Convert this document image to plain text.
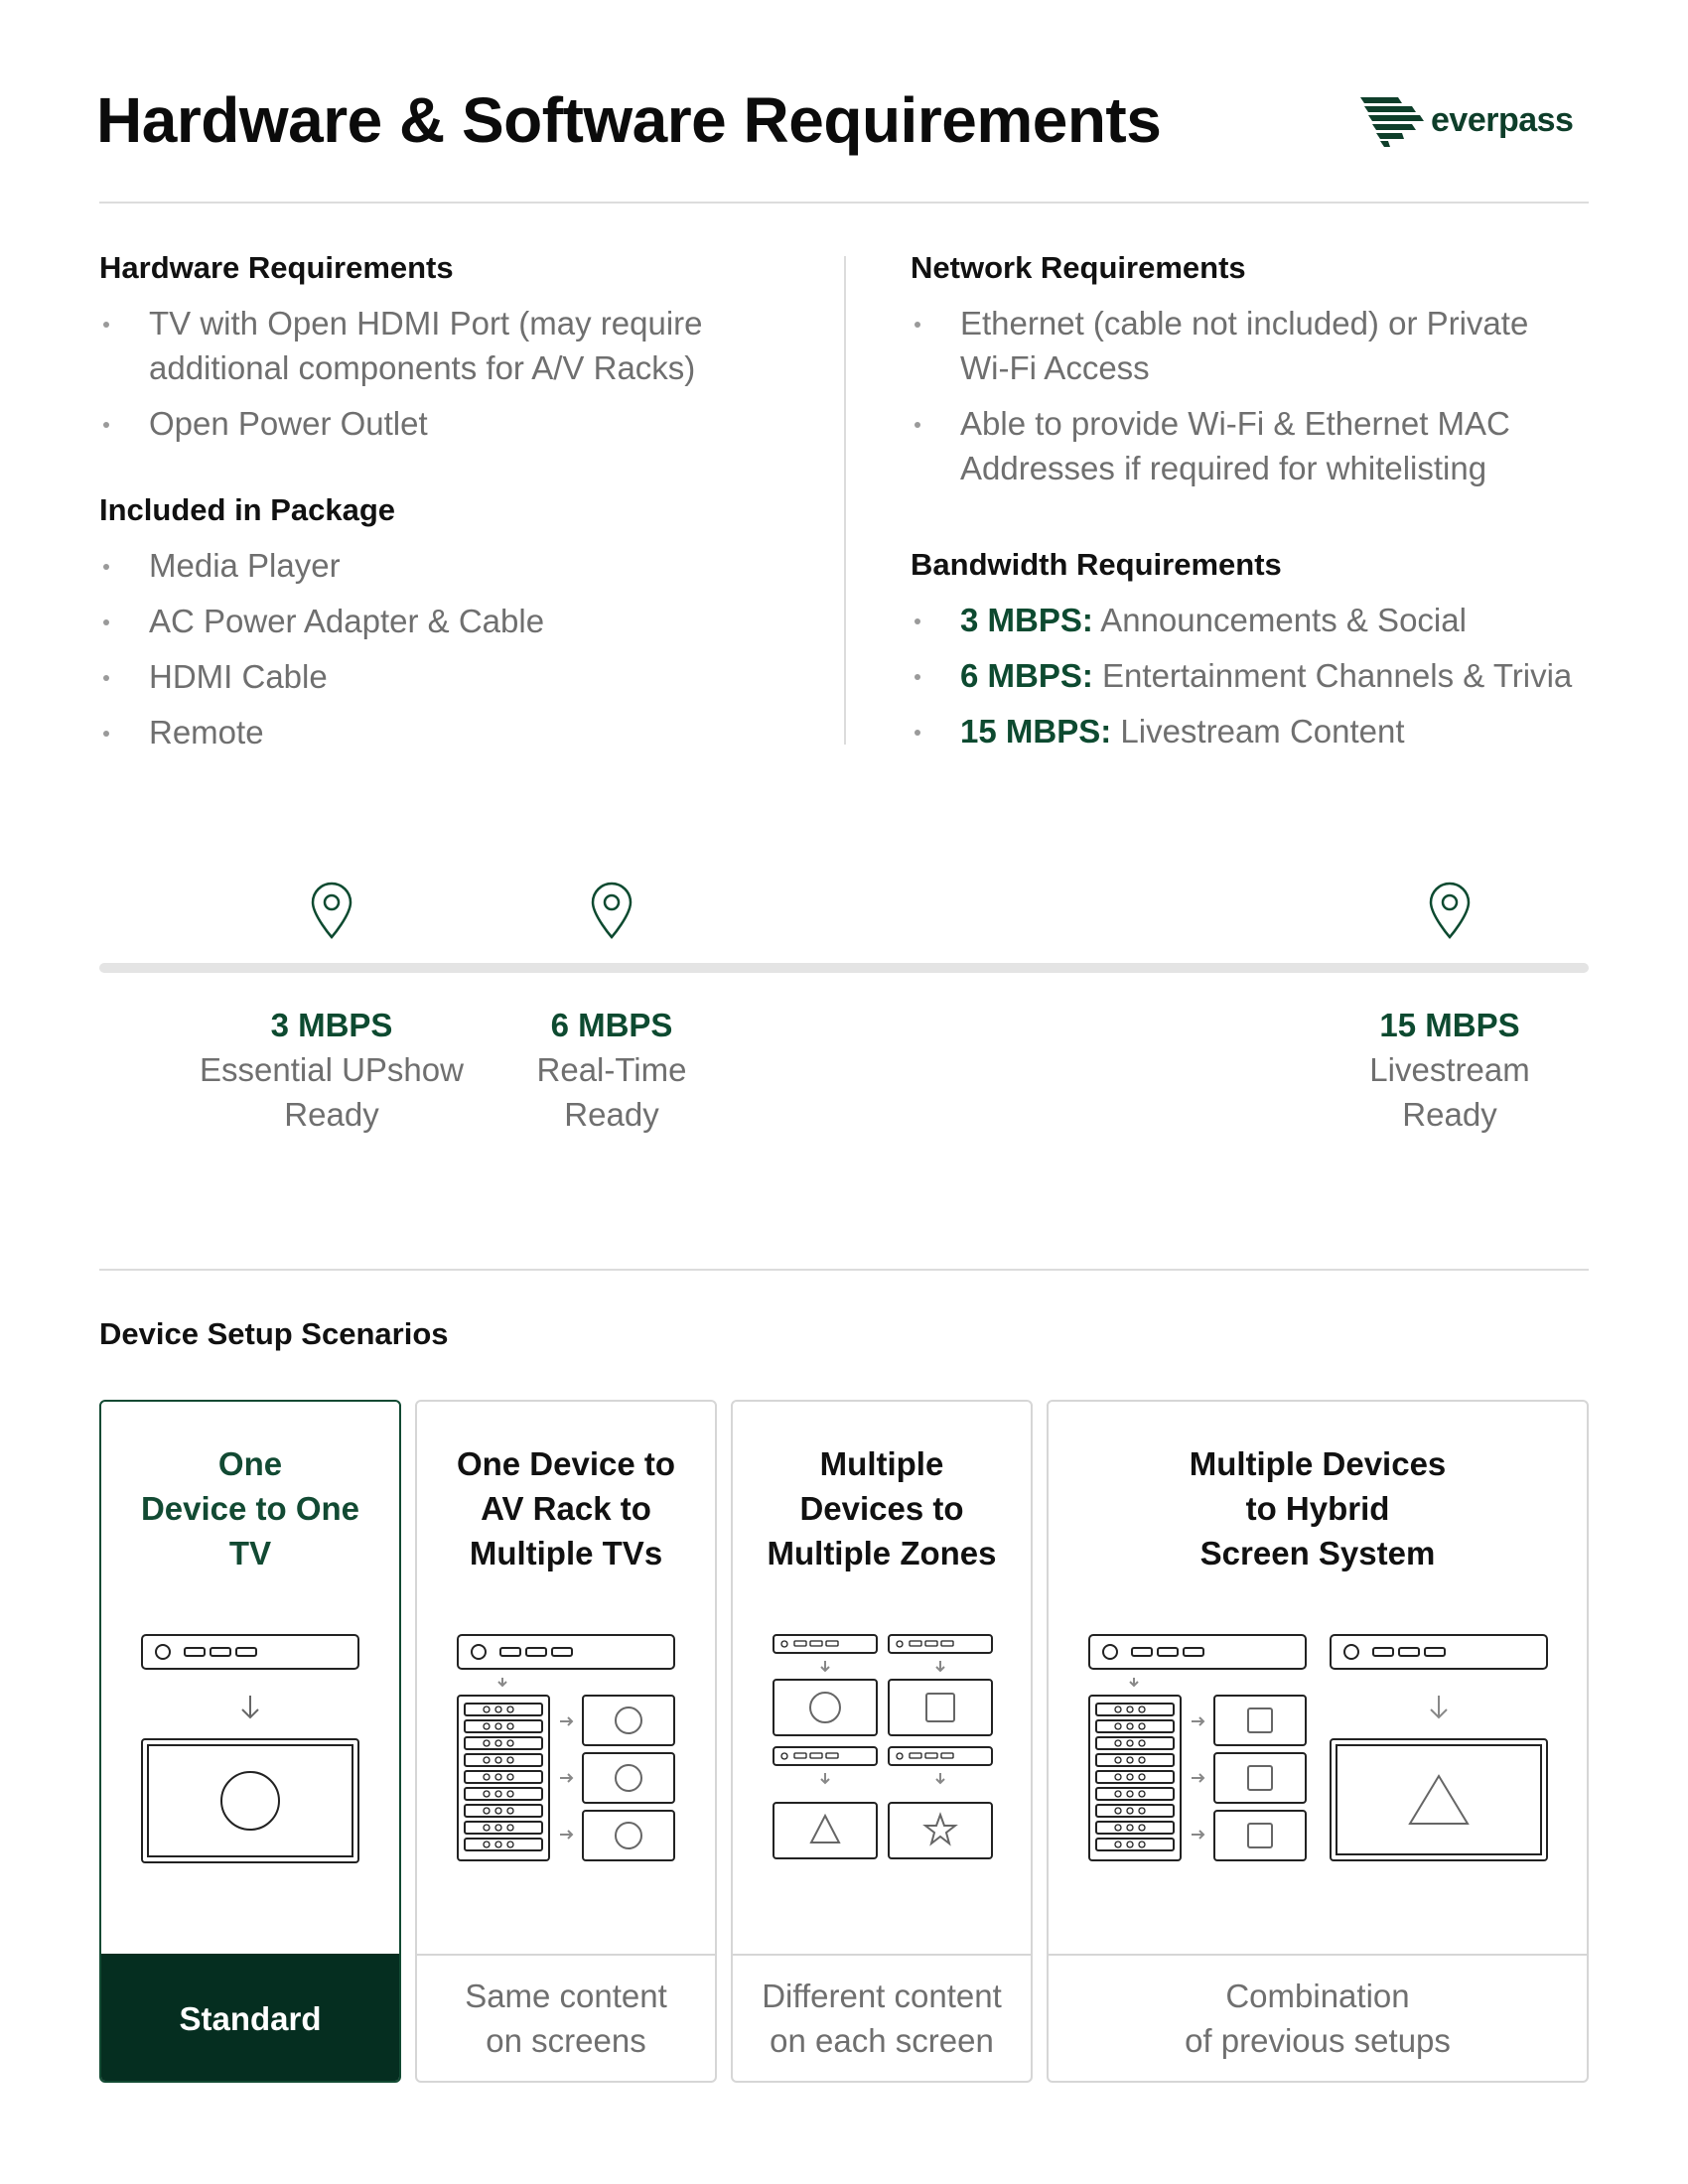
Hardware & Software Requirements	everpass
Hardware Requirements
TV with Open HDMI Port (may require additional components for A/V Racks)
Open Power Outlet
Included in Package
Media Player
AC Power Adapter & Cable
HDMI Cable
Remote
Network Requirements
Ethernet (cable not included) or Private Wi-Fi Access
Able to provide Wi-Fi & Ethernet MAC Addresses if required for whitelisting
Bandwidth Requirements
3 MBPS: Announcements & Social
6 MBPS: Entertainment Channels & Trivia
15 MBPS: Livestream Content
3 MBPS
Essential UPshow
Ready
6 MBPS
Real-Time
Ready
15 MBPS
Livestream
Ready
Device Setup Scenarios
One
Device to One
TV
Standard
One Device to
AV Rack to
Multiple TVs
Same content
on screens
Multiple
Devices to
Multiple Zones
Different content
on each screen
Multiple Devices
to Hybrid
Screen System
Combination
of previous setups
